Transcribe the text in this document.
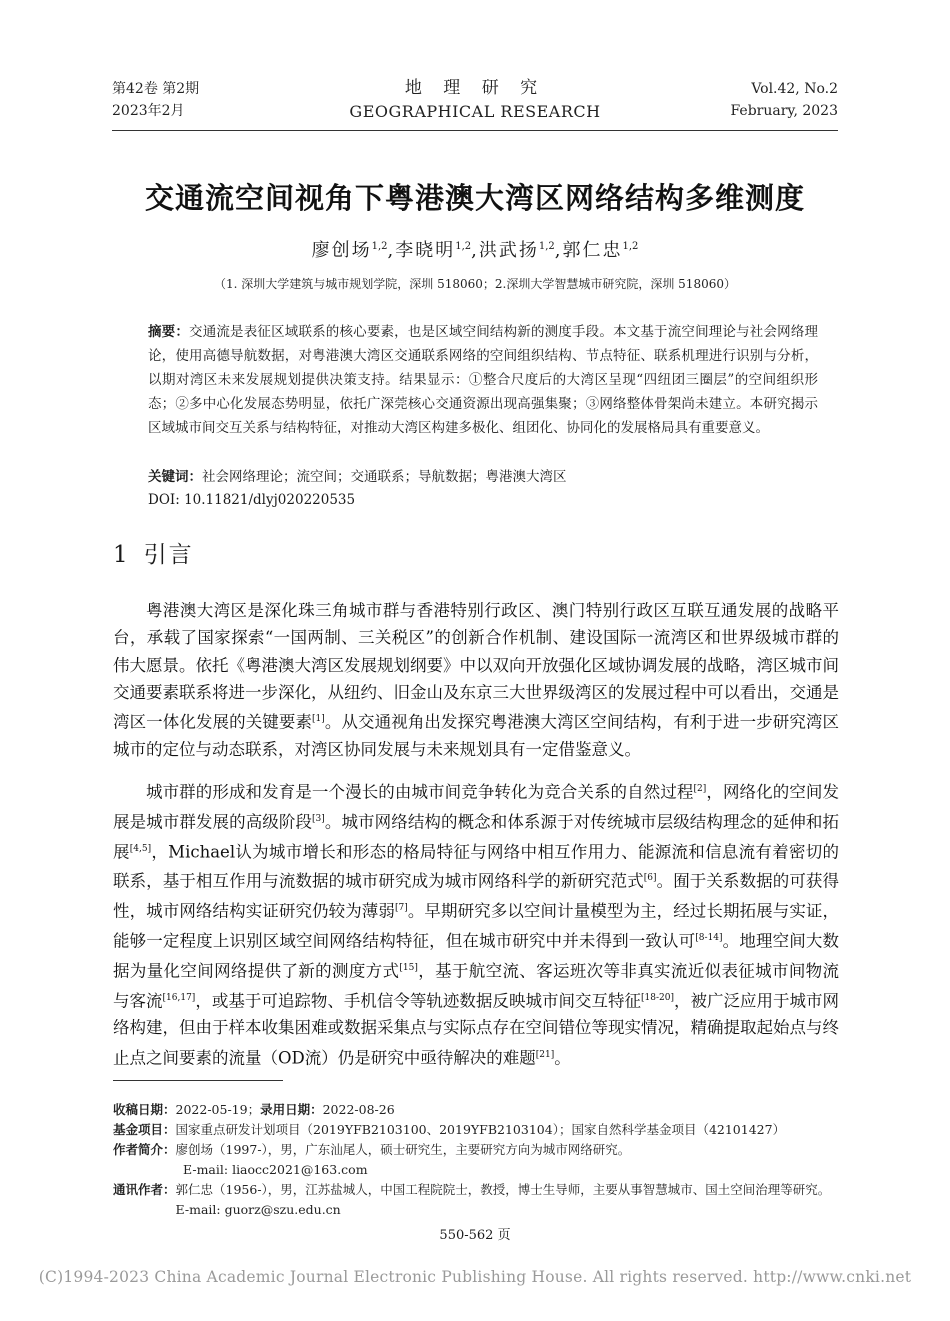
第42卷 第2期
2023年2月
地 理 研 究
GEOGRAPHICAL RESEARCH
Vol.42, No.2
February, 2023
交通流空间视角下粤港澳大湾区网络结构多维测度
廖创场$^{1,2}$,李晓明$^{1,2}$,洪武扬$^{1,2}$,郭仁忠$^{1,2}$
（1. 深圳大学建筑与城市规划学院，深圳 518060；2.深圳大学智慧城市研究院，深圳 518060）
摘要：交通流是表征区域联系的核心要素，也是区域空间结构新的测度手段。本文基于流空间理论与社会网络理论，使用高德导航数据，对粤港澳大湾区交通联系网络的空间组织结构、节点特征、联系机理进行识别与分析，以期对湾区未来发展规划提供决策支持。结果显示：①整合尺度后的大湾区呈现“四纽团三圈层”的空间组织形态；②多中心化发展态势明显，依托广深莞核心交通资源出现高强集聚；③网络整体骨架尚未建立。本研究揭示区域城市间交互关系与结构特征，对推动大湾区构建多极化、组团化、协同化的发展格局具有重要意义。
关键词：社会网络理论；流空间；交通联系；导航数据；粤港澳大湾区
DOI: 10.11821/dlyj020220535
1 引言

粤港澳大湾区是深化珠三角城市群与香港特别行政区、澳门特别行政区互联互通发展的战略平台，承载了国家探索“一国两制、三关税区”的创新合作机制、建设国际一流湾区和世界级城市群的伟大愿景。依托《粤港澳大湾区发展规划纲要》中以双向开放强化区域协调发展的战略，湾区城市间交通要素联系将进一步深化，从纽约、旧金山及东京三大世界级湾区的发展过程中可以看出，交通是湾区一体化发展的关键要素[1]。从交通视角出发探究粤港澳大湾区空间结构，有利于进一步研究湾区城市的定位与动态联系，对湾区协同发展与未来规划具有一定借鉴意义。

城市群的形成和发育是一个漫长的由城市间竞争转化为竞合关系的自然过程[2]，网络化的空间发展是城市群发展的高级阶段[3]。城市网络结构的概念和体系源于对传统城市层级结构理念的延伸和拓展[4,5]，Michael认为城市增长和形态的格局特征与网络中相互作用力、能源流和信息流有着密切的联系，基于相互作用与流数据的城市研究成为城市网络科学的新研究范式[6]。囿于关系数据的可获得性，城市网络结构实证研究仍较为薄弱[7]。早期研究多以空间计量模型为主，经过长期拓展与实证，能够一定程度上识别区域空间网络结构特征，但在城市研究中并未得到一致认可[8-14]。地理空间大数据为量化空间网络提供了新的测度方式[15]，基于航空流、客运班次等非真实流近似表征城市间物流与客流[16,17]，或基于可追踪物、手机信令等轨迹数据反映城市间交互特征[18-20]，被广泛应用于城市网络构建，但由于样本收集困难或数据采集点与实际点存在空间错位等现实情况，精确提取起始点与终止点之间要素的流量（OD流）仍是研究中亟待解决的难题[21]。

收稿日期： 2022-05-19； 录用日期： 2022-08-26
基金项目： 国家重点研发计划项目（2019YFB2103100、2019YFB2103104）；国家自然科学基金项目（42101427）
作者简介： 廖创场（1997-），男，广东汕尾人，硕士研究生，主要研究方向为城市网络研究。
E-mail: liaocc2021@163.com
通讯作者： 郭仁忠（1956-），男，江苏盐城人，中国工程院院士，教授，博士生导师，主要从事智慧城市、国土空间治理等研究。E-mail: guorz@szu.edu.cn
550-562 页
(C)1994-2023 China Academic Journal Electronic Publishing House. All rights reserved. http://www.cnki.net
